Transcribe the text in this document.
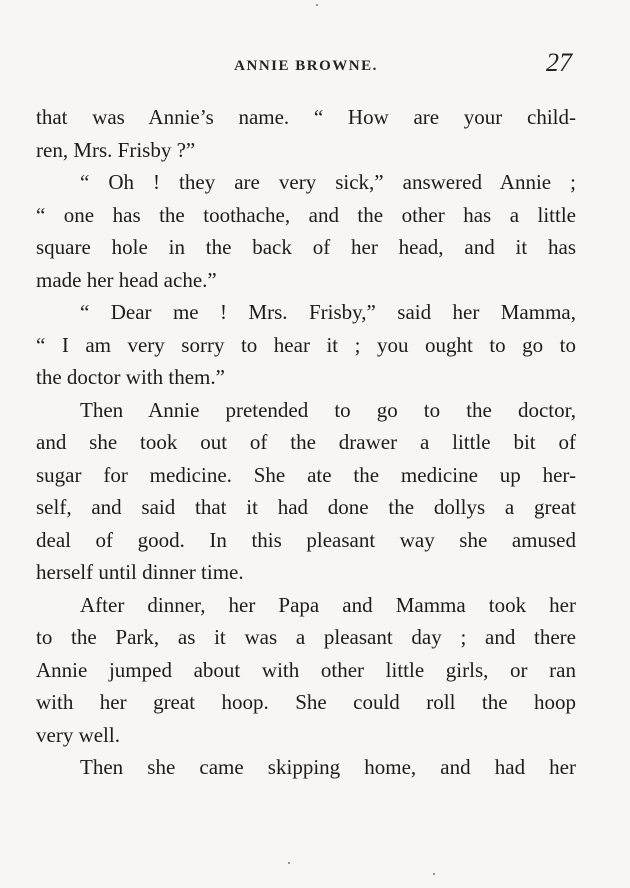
ANNIE BROWNE.	27
that was Annie’s name. “ How are your child-
ren, Mrs. Frisby ?”
“ Oh ! they are very sick,” answered Annie ;
“ one has the toothache, and the other has a little
square hole in the back of her head, and it has
made her head ache.”
“ Dear me ! Mrs. Frisby,” said her Mamma,
“ I am very sorry to hear it ; you ought to go to
the doctor with them.”
Then Annie pretended to go to the doctor,
and she took out of the drawer a little bit of
sugar for medicine. She ate the medicine up her-
self, and said that it had done the dollys a great
deal of good. In this pleasant way she amused
herself until dinner time.
After dinner, her Papa and Mamma took her
to the Park, as it was a pleasant day ; and there
Annie jumped about with other little girls, or ran
with her great hoop. She could roll the hoop
very well.
Then she came skipping home, and had her
